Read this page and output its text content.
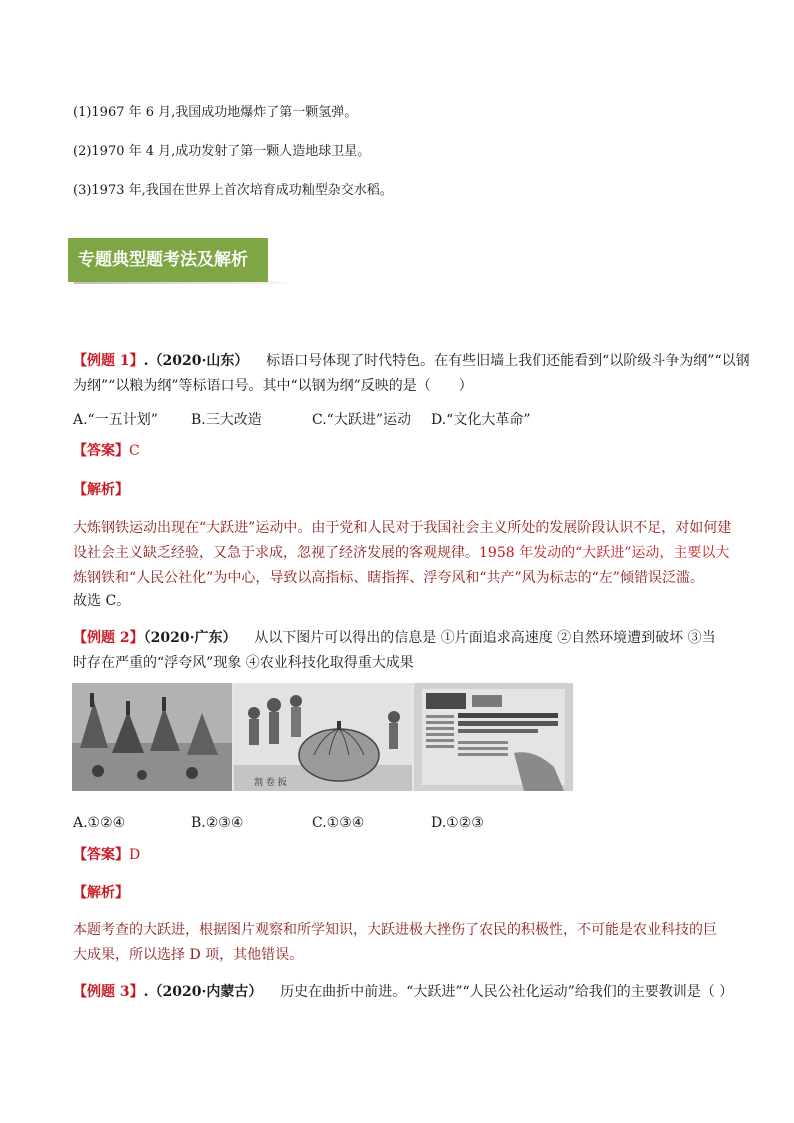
(1)1967 年 6 月,我国成功地爆炸了第一颗氢弹。
(2)1970 年 4 月,成功发射了第一颗人造地球卫星。
(3)1973 年,我国在世界上首次培育成功籼型杂交水稻。
专题典型题考法及解析
【例题 1】.（2020·山东） 标语口号体现了时代特色。在有些旧墙上我们还能看到“以阶级斗争为纲”“以钢
为纲”“以粮为纲”等标语口号。其中“以钢为纲”反映的是（　　）
A.“一五计划” B.三大改造	C.“大跃进”运动 D.“文化大革命”
【答案】C
【解析】
大炼钢铁运动出现在“大跃进”运动中。由于党和人民对于我国社会主义所处的发展阶段认识不足，对如何建
设社会主义缺乏经验，又急于求成，忽视了经济发展的客观规律。1958 年发动的“大跃进”运动，主要以大
炼钢铁和“人民公社化”为中心，导致以高指标、瞎指挥、浮夸风和“共产”风为标志的“左”倾错误泛滥。
故选 C。
【例题 2】（2020·广东） 从以下图片可以得出的信息是 ①片面追求高速度 ②自然环境遭到破坏 ③当
时存在严重的“浮夸风”现象 ④农业科技化取得重大成果
割 卷 扳
A.①②④	B.②③④	C.①③④	D.①②③
【答案】D
【解析】
本题考查的大跃进，根据图片观察和所学知识，大跃进极大挫伤了农民的积极性，不可能是农业科技的巨
大成果，所以选择 D 项，其他错误。
【例题 3】.（2020·内蒙古） 历史在曲折中前进。“大跃进”“人民公社化运动”给我们的主要教训是（ ）
